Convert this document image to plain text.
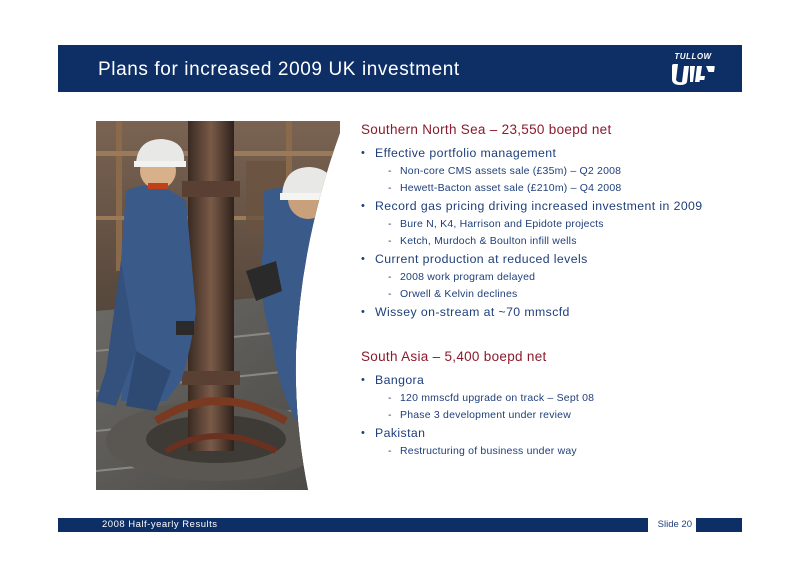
Plans for increased 2009 UK investment
TULLOW
Southern North Sea – 23,550 boepd net
• Effective portfolio management
- Non-core CMS assets sale (£35m) – Q2 2008
- Hewett-Bacton asset sale (£210m) – Q4 2008
• Record gas pricing driving increased investment in 2009
- Bure N, K4, Harrison and Epidote projects
- Ketch, Murdoch & Boulton infill wells
• Current production at reduced levels
- 2008 work program delayed
- Orwell & Kelvin declines
• Wissey on-stream at ~70 mmscfd
South Asia – 5,400 boepd net
• Bangora
- 120 mmscfd upgrade on track – Sept 08
- Phase 3 development under review
• Pakistan
- Restructuring of business under way
2008 Half-yearly Results	Slide 20
